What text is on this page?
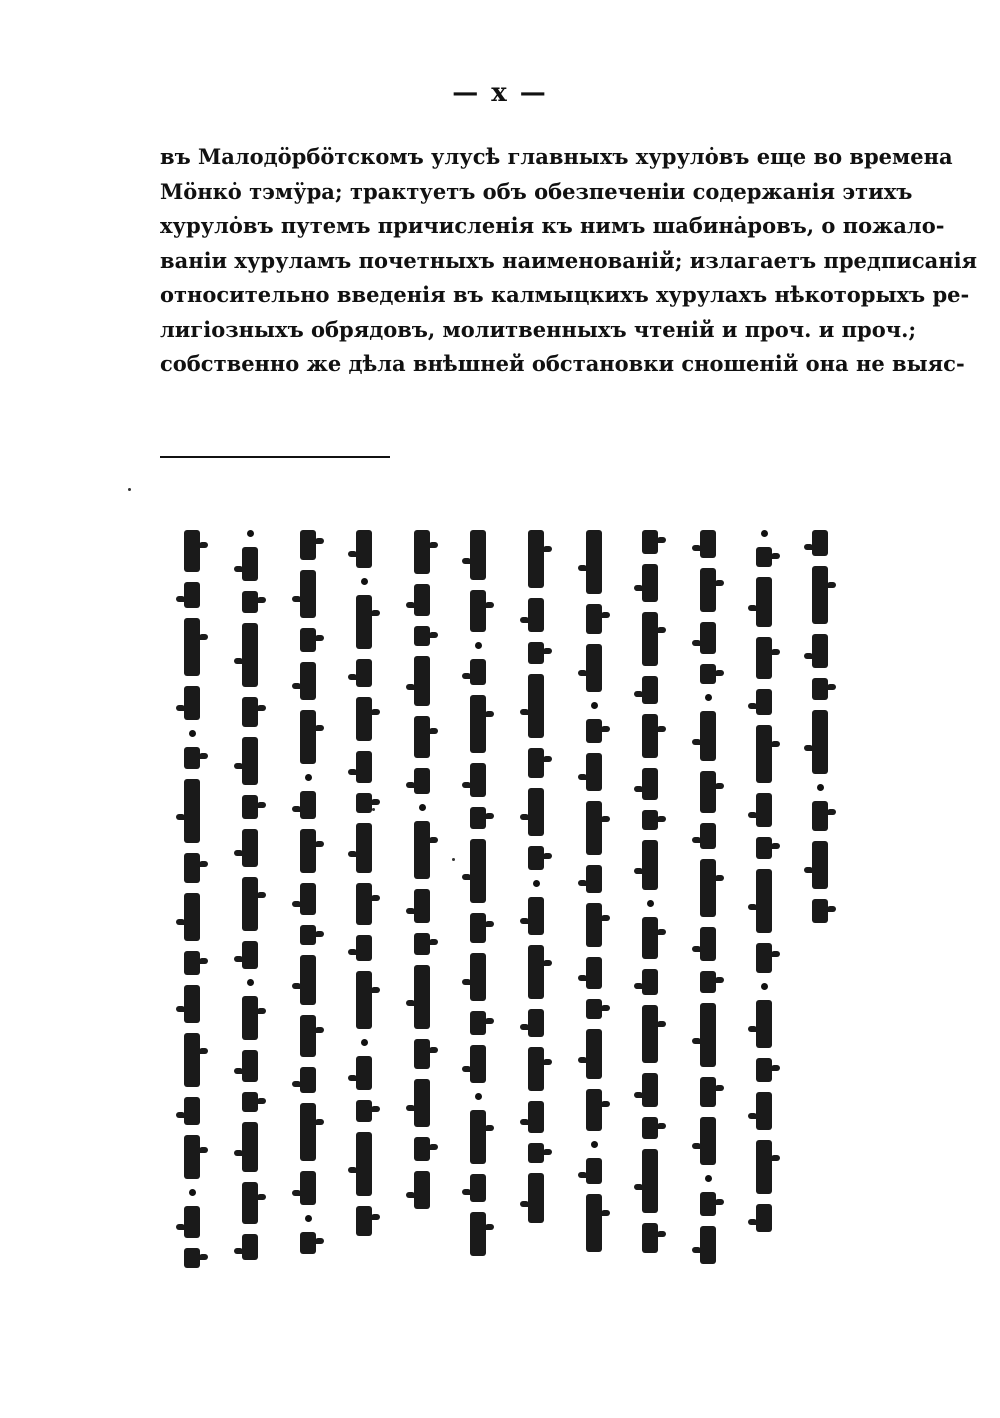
— x —
въ Малодӧрбӧтскомъ улусѣ главныхъ хурулȯвъ еще во времена
Мӧнкȯ тэмӱра; трактуетъ объ обезпеченіи содержанія этихъ
хурулȯвъ путемъ причисленія къ нимъ шабинȧровъ, о пожало-
ваніи хуруламъ почетныхъ наименованій; излагаетъ предписанія
относительно введенія въ калмыцкихъ хурулахъ нѣкоторыхъ ре-
лигіозныхъ обрядовъ, молитвенныхъ чтеній и проч. и проч.;
собственно же дѣла внѣшней обстановки сношеній она не выяс-
